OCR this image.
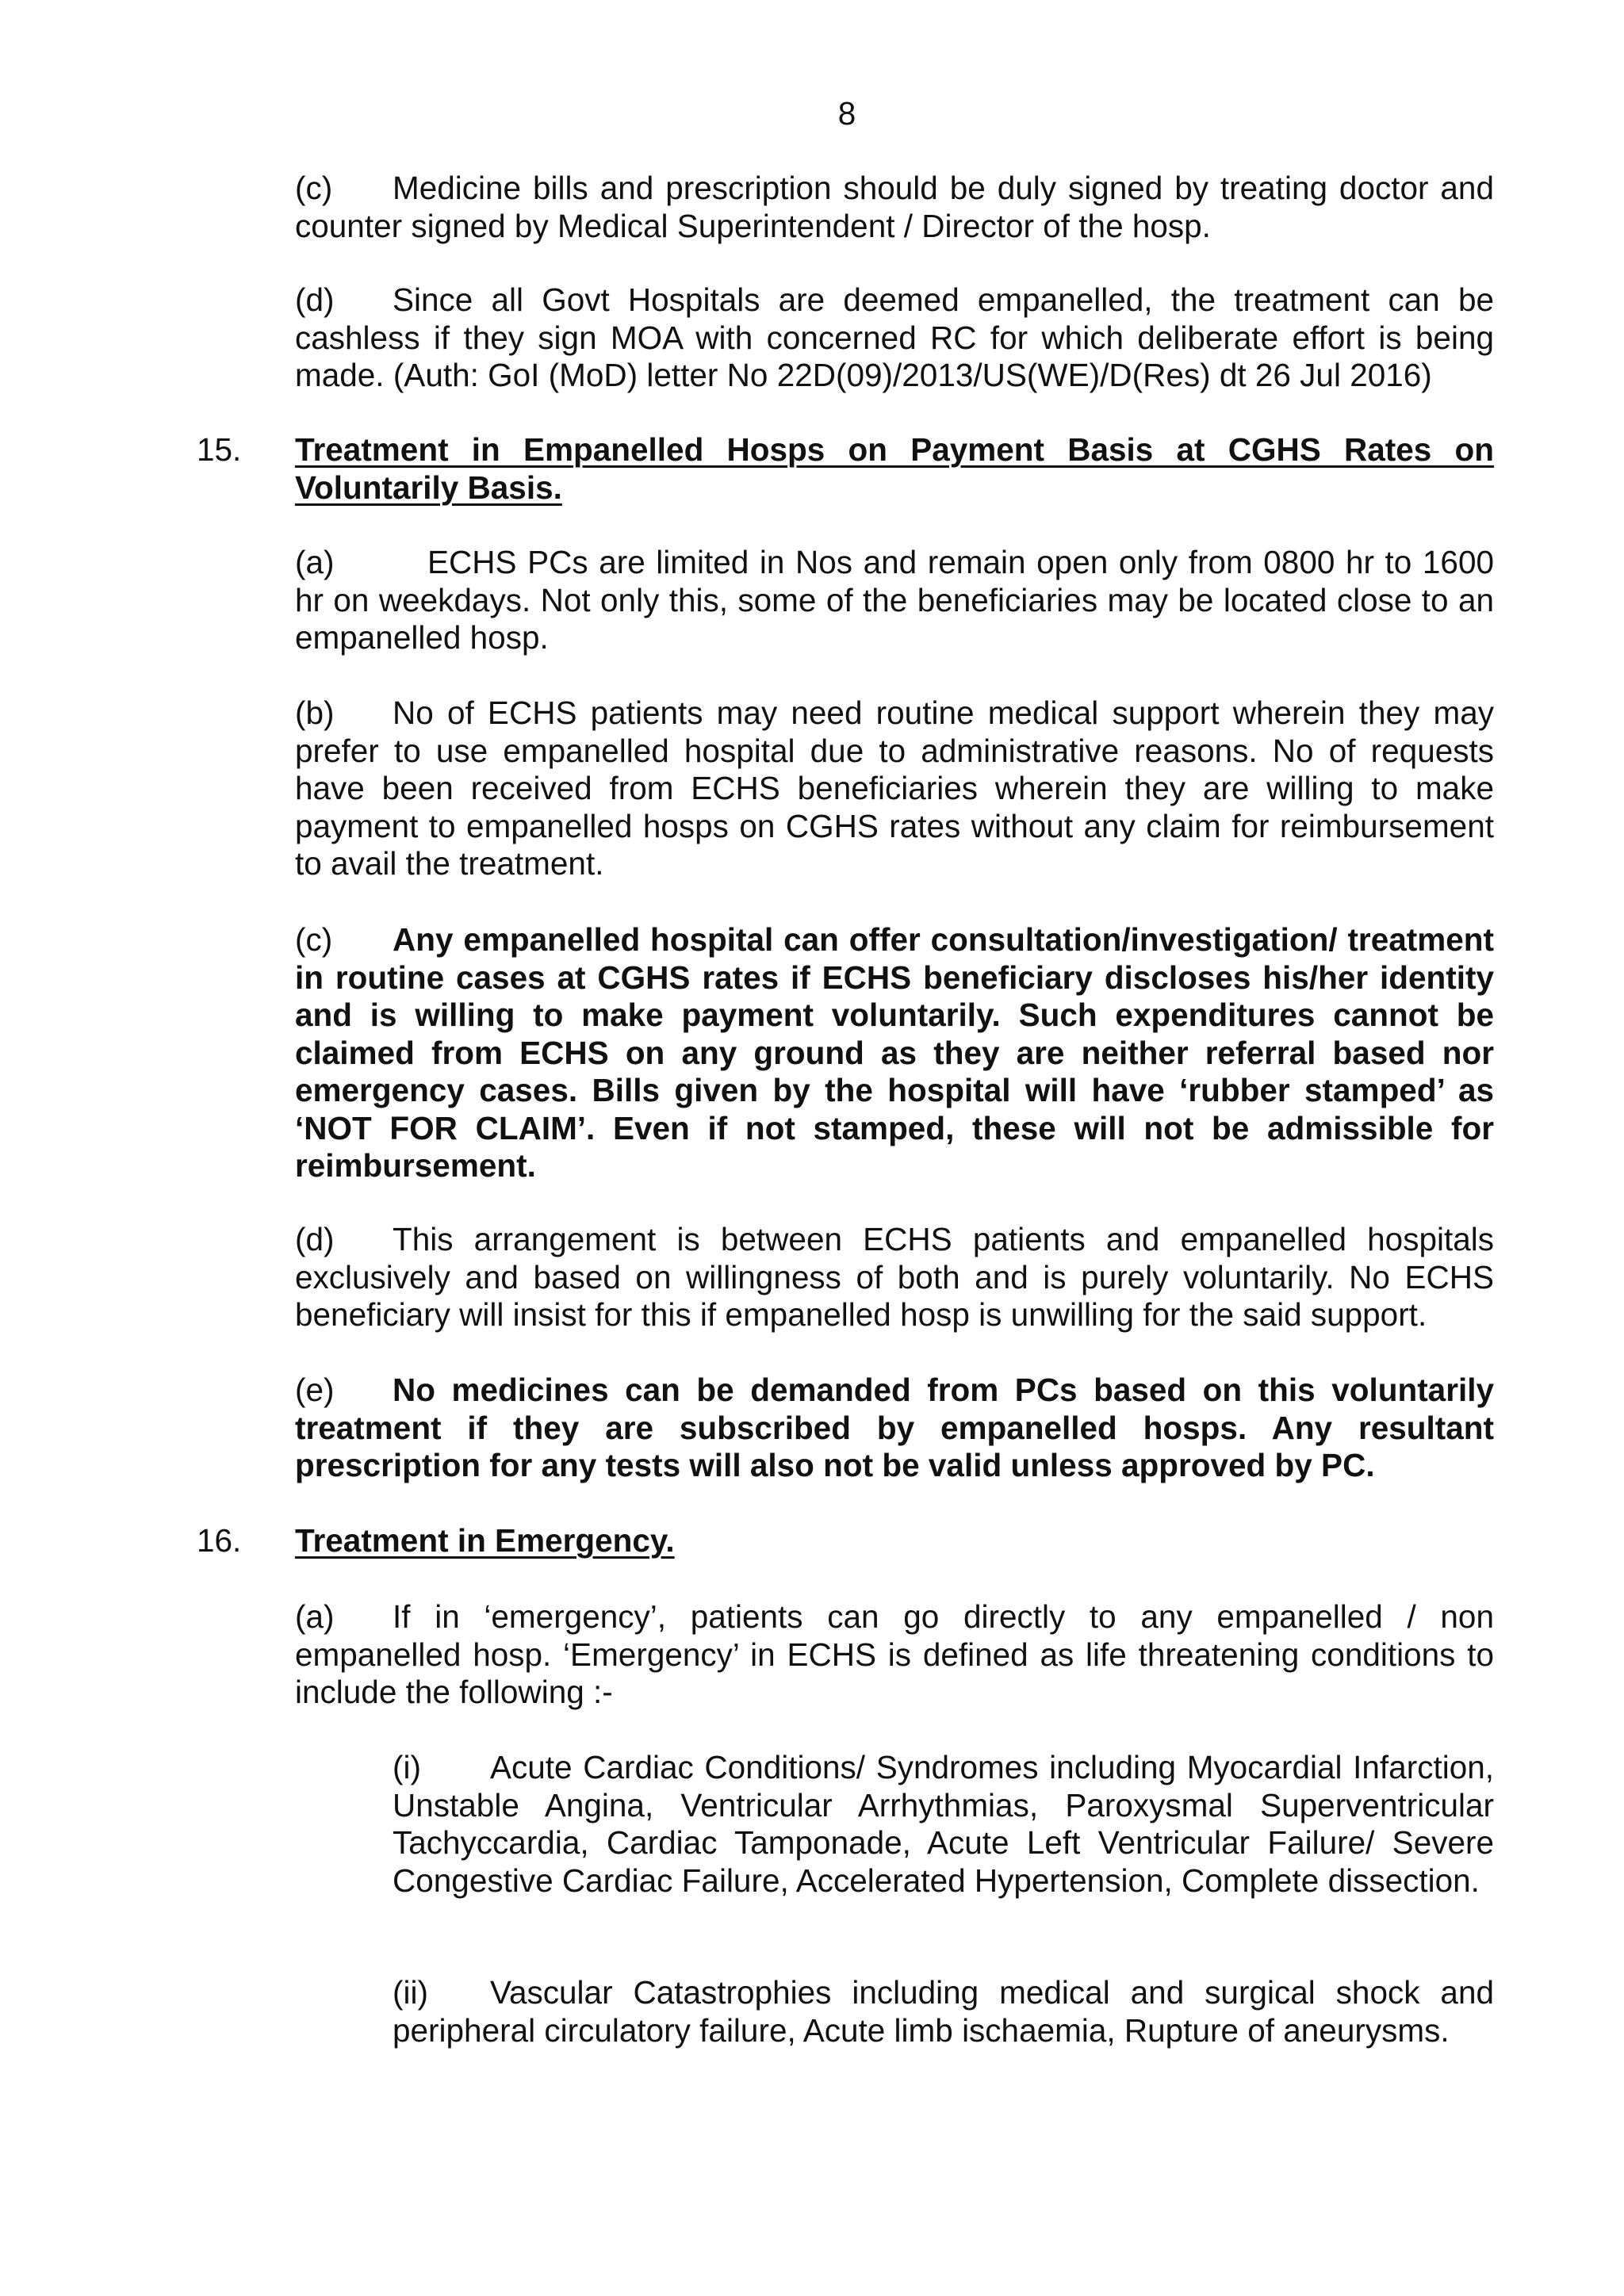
8
(c) Medicine bills and prescription should be duly signed by treating doctor and counter signed by Medical Superintendent / Director of the hosp.
(d) Since all Govt Hospitals are deemed empanelled, the treatment can be cashless if they sign MOA with concerned RC for which deliberate effort is being made. (Auth: GoI (MoD) letter No 22D(09)/2013/US(WE)/D(Res) dt 26 Jul 2016)
15. Treatment in Empanelled Hosps on Payment Basis at CGHS Rates on Voluntarily Basis.
(a)	ECHS PCs are limited in Nos and remain open only from 0800 hr to 1600 hr on weekdays. Not only this, some of the beneficiaries may be located close to an empanelled hosp.
(b) No of ECHS patients may need routine medical support wherein they may prefer to use empanelled hospital due to administrative reasons. No of requests have been received from ECHS beneficiaries wherein they are willing to make payment to empanelled hosps on CGHS rates without any claim for reimbursement to avail the treatment.
(c) Any empanelled hospital can offer consultation/investigation/ treatment in routine cases at CGHS rates if ECHS beneficiary discloses his/her identity and is willing to make payment voluntarily. Such expenditures cannot be claimed from ECHS on any ground as they are neither referral based nor emergency cases. Bills given by the hospital will have ‘rubber stamped’ as ‘NOT FOR CLAIM’. Even if not stamped, these will not be admissible for reimbursement.
(d) This arrangement is between ECHS patients and empanelled hospitals exclusively and based on willingness of both and is purely voluntarily. No ECHS beneficiary will insist for this if empanelled hosp is unwilling for the said support.
(e) No medicines can be demanded from PCs based on this voluntarily treatment if they are subscribed by empanelled hosps. Any resultant prescription for any tests will also not be valid unless approved by PC.
16. Treatment in Emergency.
(a) If in ‘emergency’, patients can go directly to any empanelled / non empanelled hosp. ‘Emergency’ in ECHS is defined as life threatening conditions to include the following :-
(i) Acute Cardiac Conditions/ Syndromes including Myocardial Infarction, Unstable Angina, Ventricular Arrhythmias, Paroxysmal Superventricular Tachyccardia, Cardiac Tamponade, Acute Left Ventricular Failure/ Severe Congestive Cardiac Failure, Accelerated Hypertension, Complete dissection.
(ii) Vascular Catastrophies including medical and surgical shock and peripheral circulatory failure, Acute limb ischaemia, Rupture of aneurysms.
